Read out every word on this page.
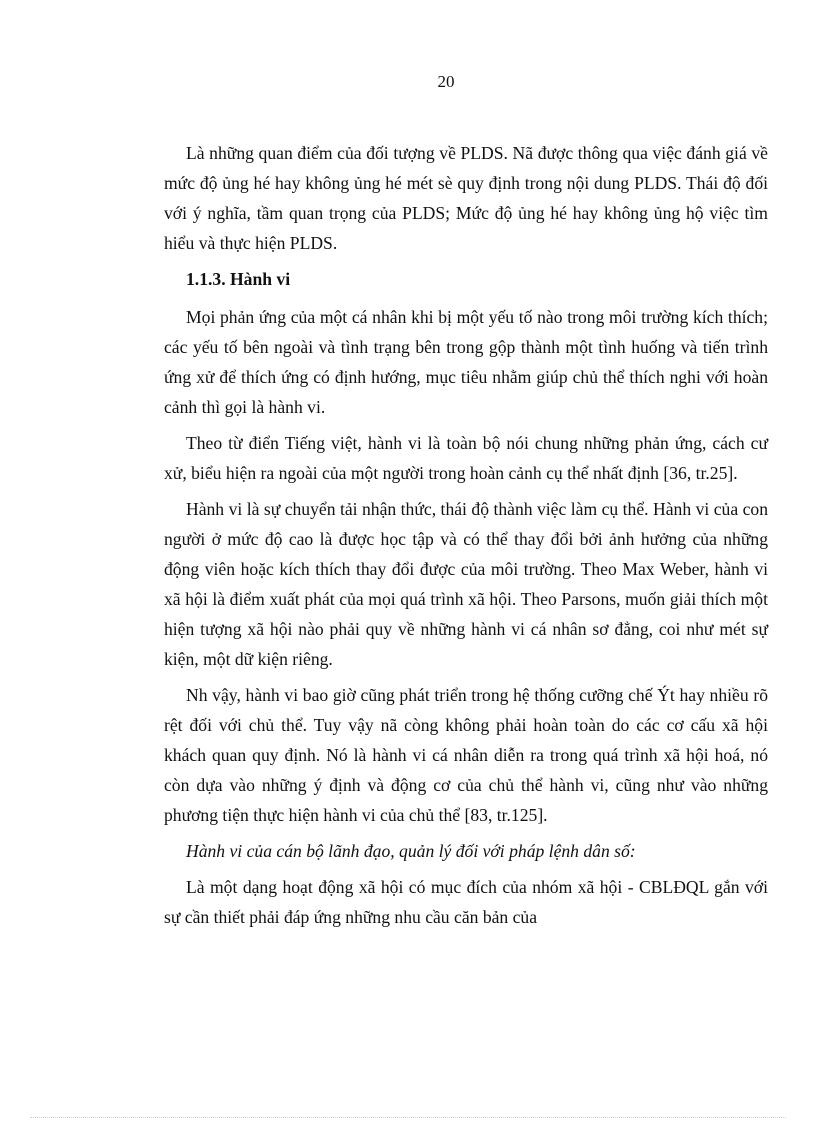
20

Là những quan điểm của đối tượng về PLDS. Nã được thông qua việc đánh giá về mức độ ủng hé hay không ủng hé mét sè quy định trong nội dung PLDS. Thái độ đối với ý nghĩa, tầm quan trọng của PLDS; Mức độ ủng hé hay không ủng hộ việc tìm hiểu và thực hiện PLDS.

1.1.3. Hành vi

Mọi phản ứng của một cá nhân khi bị một yếu tố nào trong môi trường kích thích; các yếu tố bên ngoài và tình trạng bên trong gộp thành một tình huống và tiến trình ứng xử để thích ứng có định hướng, mục tiêu nhằm giúp chủ thể thích nghi với hoàn cảnh thì gọi là hành vi.

Theo từ điển Tiếng việt, hành vi là toàn bộ nói chung những phản ứng, cách cư xử, biểu hiện ra ngoài của một người trong hoàn cảnh cụ thể nhất định [36, tr.25].

Hành vi là sự chuyển tải nhận thức, thái độ thành việc làm cụ thể. Hành vi của con người ở mức độ cao là được học tập và có thể thay đổi bởi ảnh hưởng của những động viên hoặc kích thích thay đổi được của môi trường. Theo Max Weber, hành vi xã hội là điểm xuất phát của mọi quá trình xã hội. Theo Parsons, muốn giải thích một hiện tượng xã hội nào phải quy về những hành vi cá nhân sơ đẳng, coi như mét sự kiện, một dữ kiện riêng.

Nh vậy, hành vi bao giờ cũng phát triển trong hệ thống cưỡng chế Ýt hay nhiều rõ rệt đối với chủ thể. Tuy vậy nã còng không phải hoàn toàn do các cơ cấu xã hội khách quan quy định. Nó là hành vi cá nhân diễn ra trong quá trình xã hội hoá, nó còn dựa vào những ý định và động cơ của chủ thể hành vi, cũng như vào những phương tiện thực hiện hành vi của chủ thể [83, tr.125].

Hành vi của cán bộ lãnh đạo, quản lý đối với pháp lệnh dân số:

Là một dạng hoạt động xã hội có mục đích của nhóm xã hội - CBLĐQL gắn với sự cần thiết phải đáp ứng những nhu cầu căn bản của
